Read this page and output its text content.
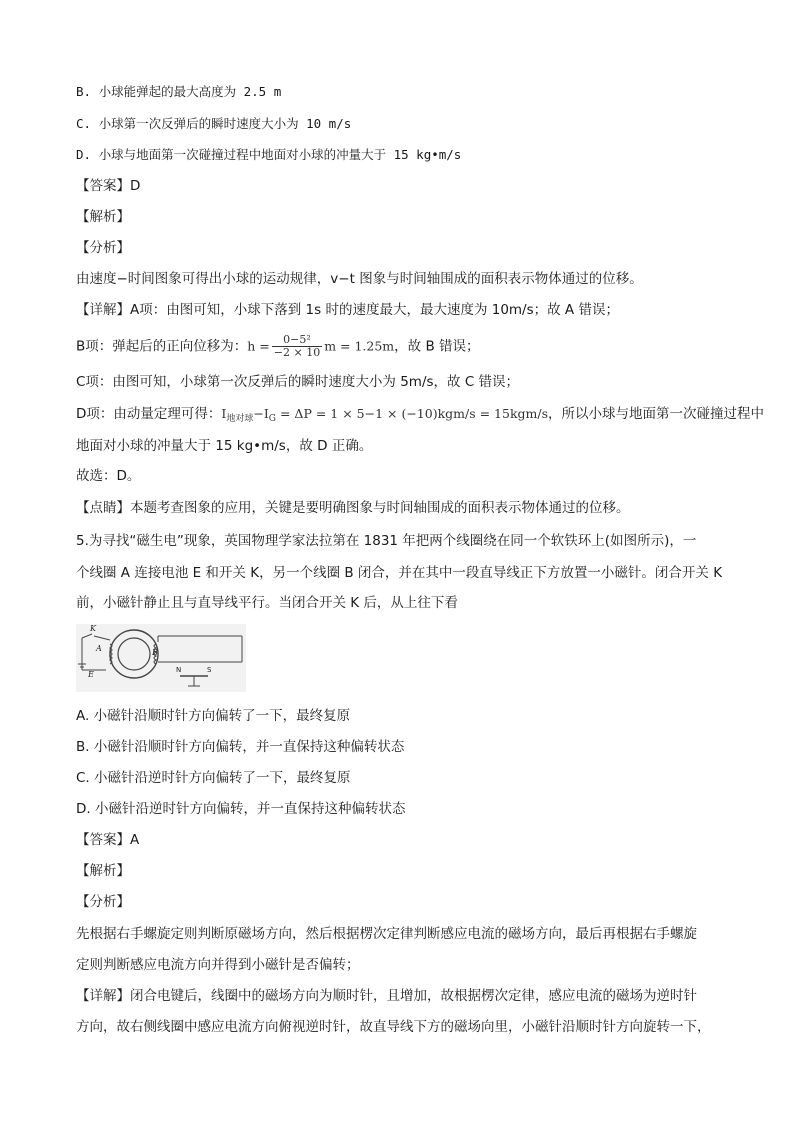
B. 小球能弹起的最大高度为 2.5 m
C. 小球第一次反弹后的瞬时速度大小为 10 m/s
D. 小球与地面第一次碰撞过程中地面对小球的冲量大于 15 kg•m/s
【答案】D
【解析】
【分析】
由速度−时间图象可得出小球的运动规律，v−t 图象与时间轴围成的面积表示物体通过的位移。
【详解】A项：由图可知，小球下落到 1s 时的速度最大，最大速度为 10m/s；故 A 错误；
B项：弹起后的正向位移为：$h = \frac{\text{0−5²}}{-2 \times 10}$ m = 1.25m，故 B 错误；
C项：由图可知，小球第一次反弹后的瞬时速度大小为 5m/s，故 C 错误；
D项：由动量定理可得：$I_{地对球}-I_G = \Delta P = 1 \times 5-1 \times (-10)kgm/s = 15kgm/s$，所以小球与地面第一次碰撞过程中
地面对小球的冲量大于 15 kg•m/s，故 D 正确。
故选：D。
【点睛】本题考查图象的应用，关键是要明确图象与时间轴围成的面积表示物体通过的位移。
5.为寻找“磁生电”现象，英国物理学家法拉第在 1831 年把两个线圈绕在同一个软铁环上(如图所示)，一
个线圈 A 连接电池 E 和开关 K，另一个线圈 B 闭合，并在其中一段直导线正下方放置一小磁针。闭合开关 K
前，小磁针静止且与直导线平行。当闭合开关 K 后，从上往下看
K
A	B
E	N	S
A. 小磁针沿顺时针方向偏转了一下，最终复原
B. 小磁针沿顺时针方向偏转，并一直保持这种偏转状态
C. 小磁针沿逆时针方向偏转了一下，最终复原
D. 小磁针沿逆时针方向偏转，并一直保持这种偏转状态
【答案】A
【解析】
【分析】
先根据右手螺旋定则判断原磁场方向，然后根据楞次定律判断感应电流的磁场方向，最后再根据右手螺旋
定则判断感应电流方向并得到小磁针是否偏转；
【详解】闭合电键后，线圈中的磁场方向为顺时针，且增加，故根据楞次定律，感应电流的磁场为逆时针
方向，故右侧线圈中感应电流方向俯视逆时针，故直导线下方的磁场向里，小磁针沿顺时针方向旋转一下，
